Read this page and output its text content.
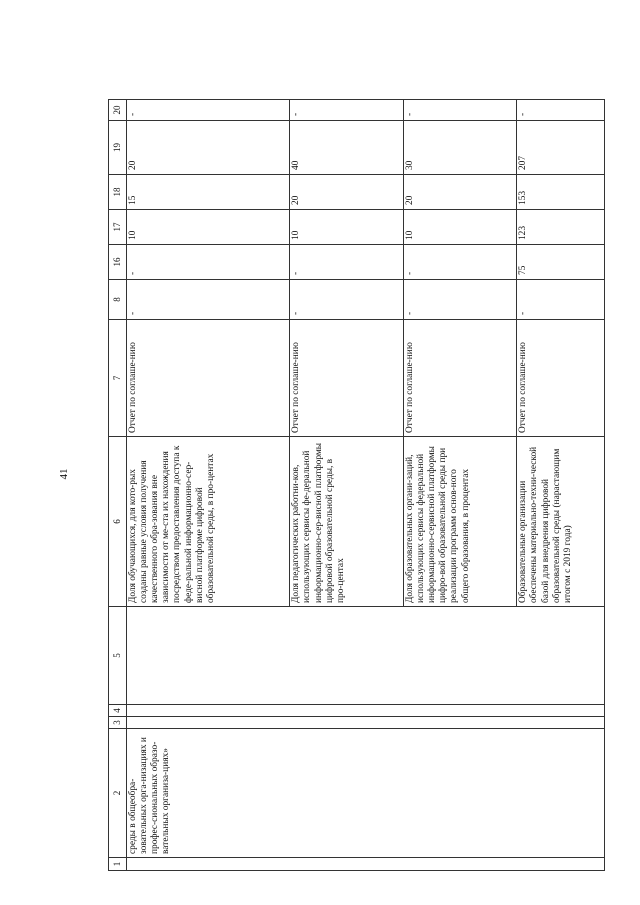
41
1	2	3	4	5	6	7	8	16	17	18	19	20
	среды в общеобра-зовательных орга-низациях и профес-сиональных образо-вательных организа-циях»				Доля обучающихся, для кото-рых созданы равные условия получения качественного обра-зования вне зависимости от ме-ста их нахождения посредством предоставления доступа к феде-ральной информационно-сер-висной платформе цифровой образовательной среды, в про-центах	Отчет по соглаше-нию	-	-	10	15	20	-
					Доля педагогических работни-ков, использующих сервисы фе-деральной информационно-сер-висной платформы цифровой образовательной среды, в про-центах	Отчет по соглаше-нию	-	-	10	20	40	-
					Доля образовательных органи-заций, использующих сервисы федеральной информационно-сервисной платформы цифро-вой образовательной среды при реализации программ основ-ного общего образования, в процентах	Отчет по соглаше-нию	-	-	10	20	30	-
					Образовательные организации обеспечены материально-техни-ческой базой для внедрения цифровой образовательной среды (нарастающим итогом с 2019 года)	Отчет по соглаше-нию	-	75	123	153	207	-
